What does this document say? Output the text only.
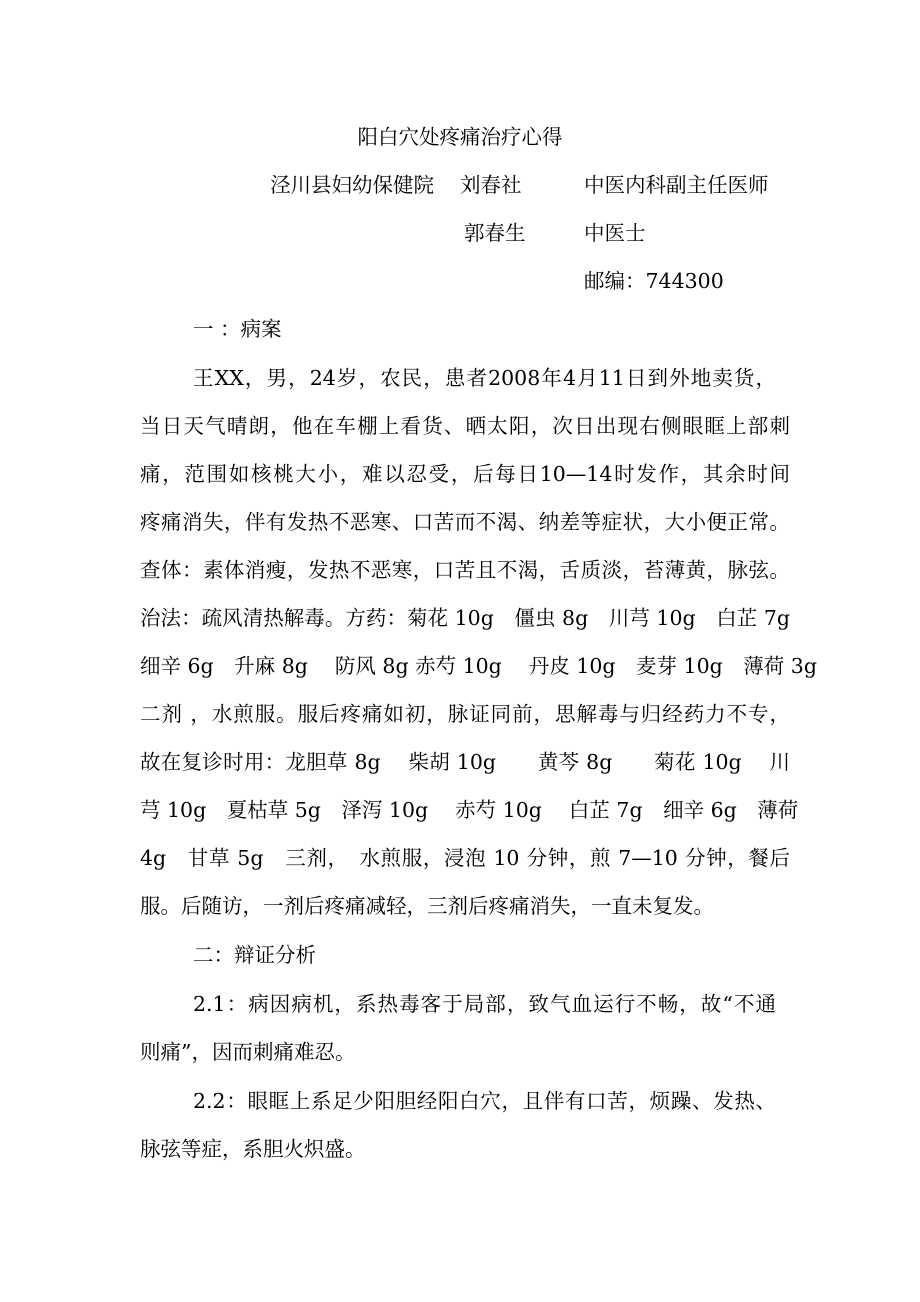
阳白穴处疼痛治疗心得
泾川县妇幼保健院 刘春社	中医内科副主任医师
郭春生	中医士
邮编：744300
一 ：病案
王XX，男，24岁，农民，患者2008年4月11日到外地卖货，
当日天气晴朗，他在车棚上看货、晒太阳，次日出现右侧眼眶上部刺
痛，范围如核桃大小，难以忍受，后每日10—14时发作，其余时间
疼痛消失，伴有发热不恶寒、口苦而不渴、纳差等症状，大小便正常。
查体：素体消瘦，发热不恶寒，口苦且不渴，舌质淡，苔薄黄，脉弦。
治法：疏风清热解毒。方药：菊花 10g　僵虫 8g　川芎 10g　白芷 7g
细辛 6g　升麻 8g　 防风 8g 赤芍 10g　 丹皮 10g　麦芽 10g　薄荷 3g
二剂 ，水煎服。服后疼痛如初，脉证同前，思解毒与归经药力不专，
故在复诊时用：龙胆草 8g　 柴胡 10g　　黄芩 8g　　菊花 10g　 川
芎 10g　夏枯草 5g　泽泻 10g　 赤芍 10g　 白芷 7g　细辛 6g　薄荷
4g　甘草 5g　三剂，　水煎服，浸泡 10 分钟，煎 7—10 分钟，餐后
服。后随访，一剂后疼痛减轻，三剂后疼痛消失，一直未复发。
二：辩证分析
2.1：病因病机，系热毒客于局部，致气血运行不畅，故“不通
则痛”，因而刺痛难忍。
2.2：眼眶上系足少阳胆经阳白穴，且伴有口苦，烦躁、发热、
脉弦等症，系胆火炽盛。
